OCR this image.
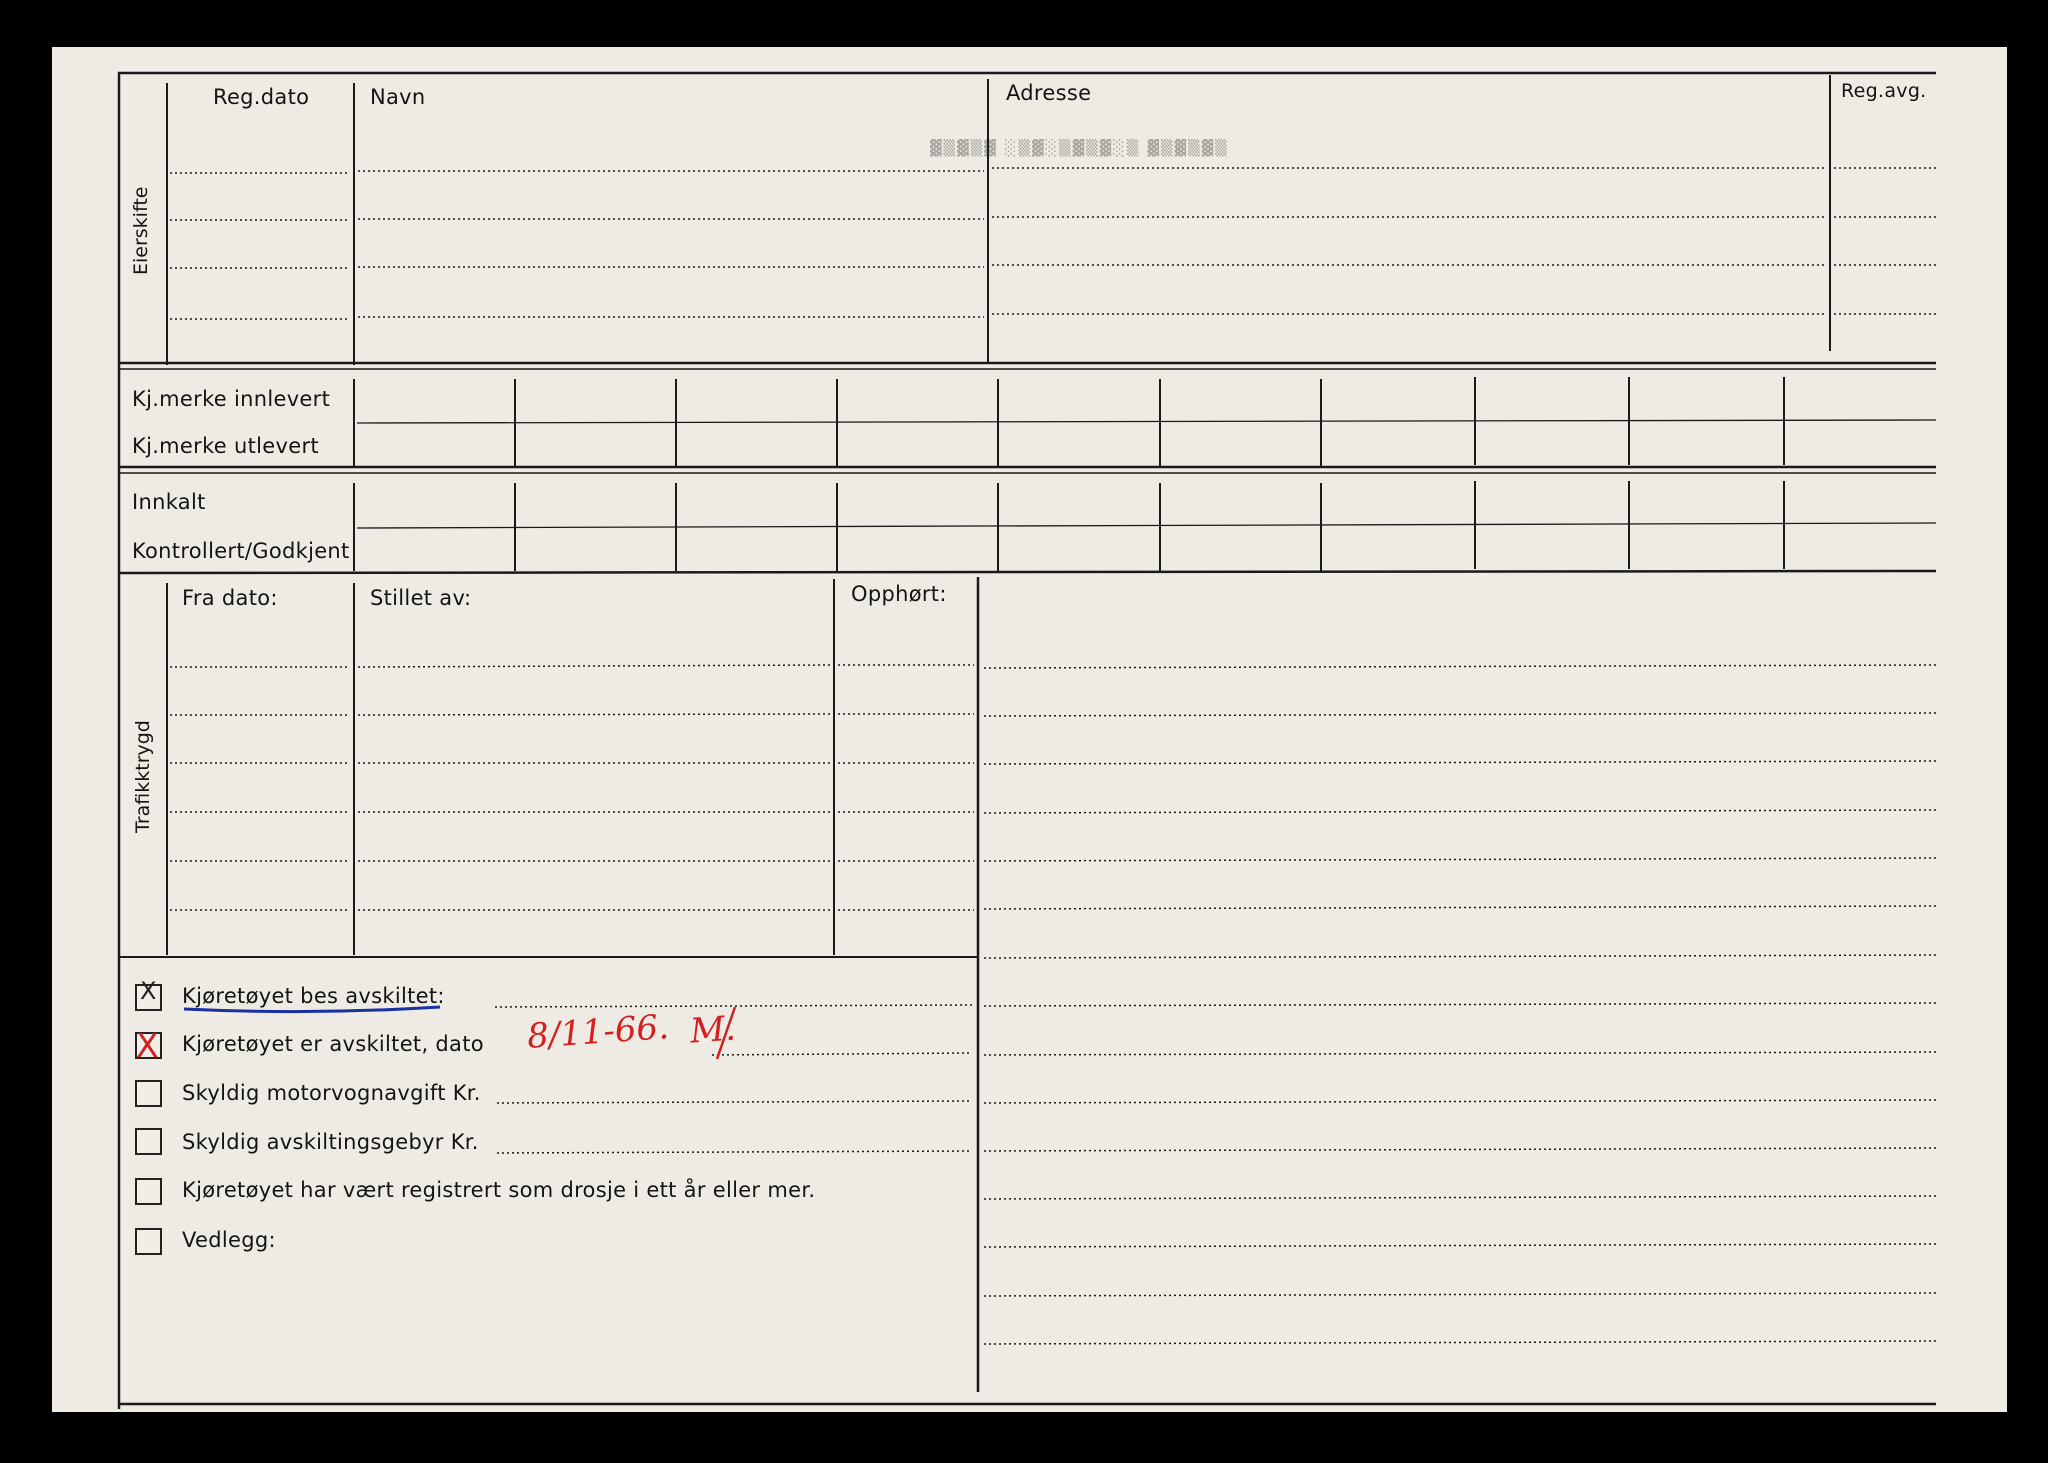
▓▒▓▒▓ ░▒▓░▒▓▒▓░▒ ▓▒▓▒▓▒
Eierskifte
Reg.dato	Navn	Adresse	Reg.avg.
Kj.merke innlevert
Kj.merke utlevert
Innkalt
Kontrollert/Godkjent
Trafikktrygd
Fra dato:	Stillet av:	Opphørt:
X Kjøretøyet bes avskiltet:
X Kjøretøyet er avskiltet, dato 8/11-66. M.
Skyldig motorvognavgift Kr.
Skyldig avskiltingsgebyr Kr.
Kjøretøyet har vært registrert som drosje i ett år eller mer.
Vedlegg:
